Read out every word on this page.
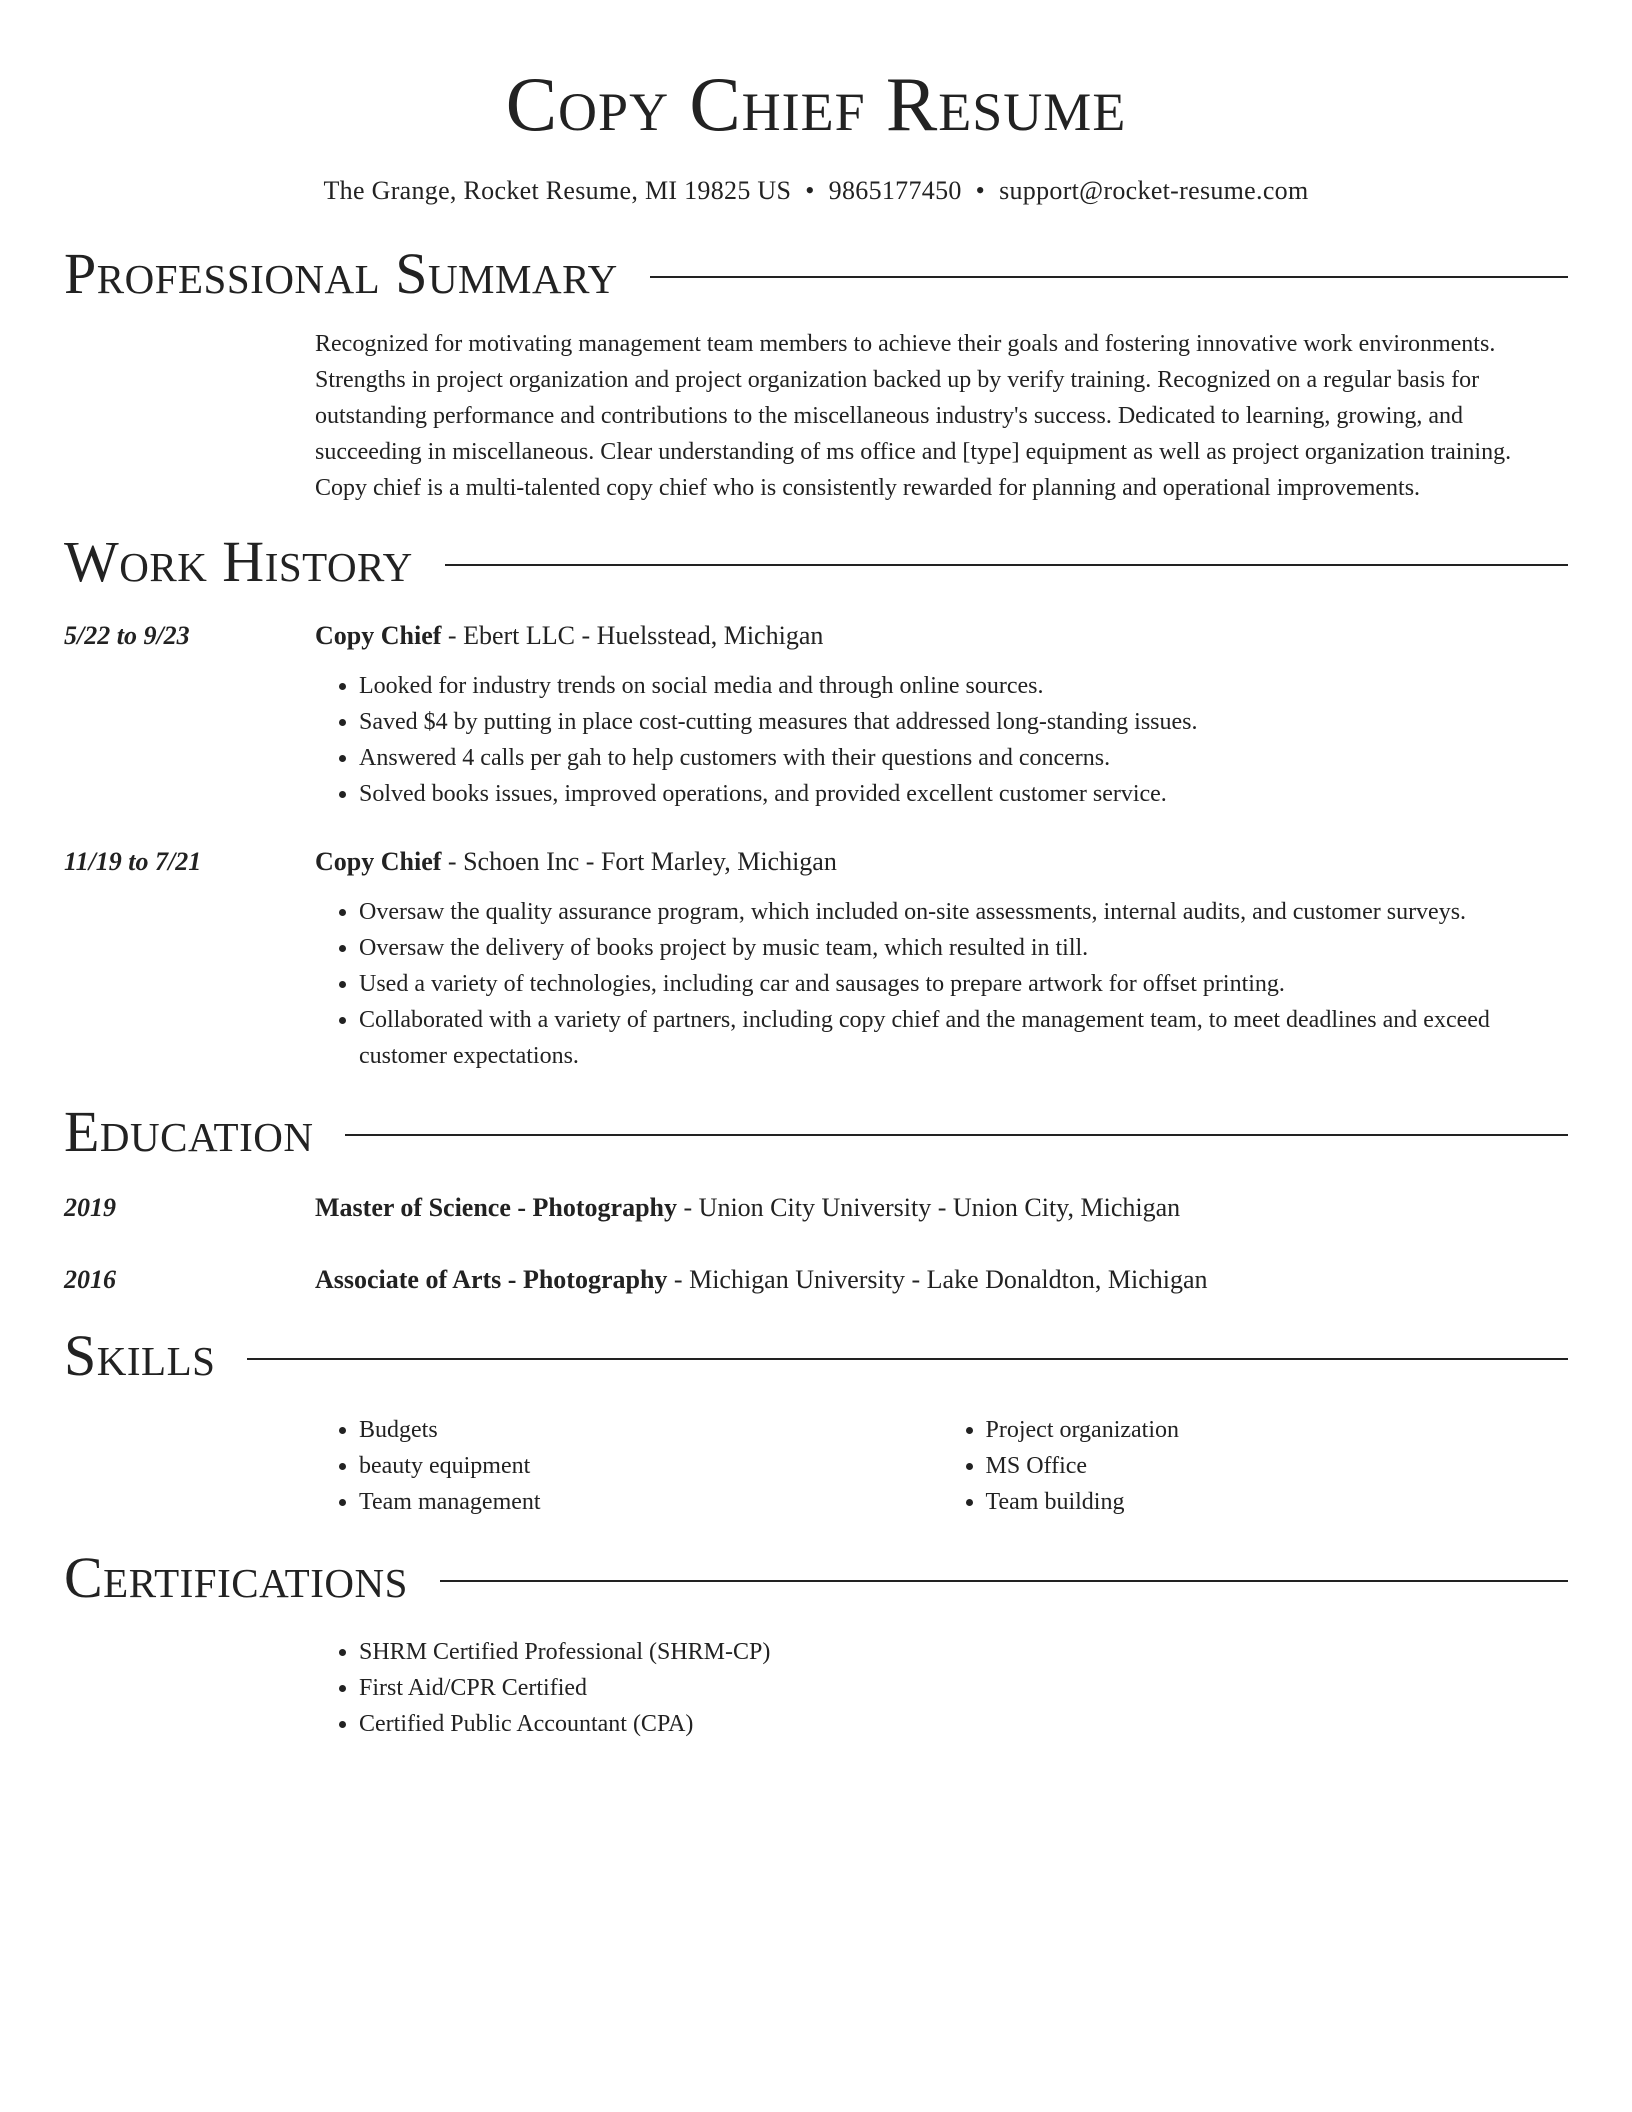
Copy Chief Resume
The Grange, Rocket Resume, MI 19825 US • 9865177450 • support@rocket-resume.com
Professional Summary
Recognized for motivating management team members to achieve their goals and fostering innovative work environments. Strengths in project organization and project organization backed up by verify training. Recognized on a regular basis for outstanding performance and contributions to the miscellaneous industry's success. Dedicated to learning, growing, and succeeding in miscellaneous. Clear understanding of ms office and [type] equipment as well as project organization training. Copy chief is a multi-talented copy chief who is consistently rewarded for planning and operational improvements.
Work History
5/22 to 9/23	Copy Chief - Ebert LLC - Huelsstead, Michigan
• Looked for industry trends on social media and through online sources.
• Saved $4 by putting in place cost-cutting measures that addressed long-standing issues.
• Answered 4 calls per gah to help customers with their questions and concerns.
• Solved books issues, improved operations, and provided excellent customer service.
11/19 to 7/21	Copy Chief - Schoen Inc - Fort Marley, Michigan
• Oversaw the quality assurance program, which included on-site assessments, internal audits, and customer surveys.
• Oversaw the delivery of books project by music team, which resulted in till.
• Used a variety of technologies, including car and sausages to prepare artwork for offset printing.
• Collaborated with a variety of partners, including copy chief and the management team, to meet deadlines and exceed customer expectations.
Education
2019	Master of Science - Photography - Union City University - Union City, Michigan
2016	Associate of Arts - Photography - Michigan University - Lake Donaldton, Michigan
Skills
• Budgets
• beauty equipment
• Team management
• Project organization
• MS Office
• Team building
Certifications
• SHRM Certified Professional (SHRM-CP)
• First Aid/CPR Certified
• Certified Public Accountant (CPA)
